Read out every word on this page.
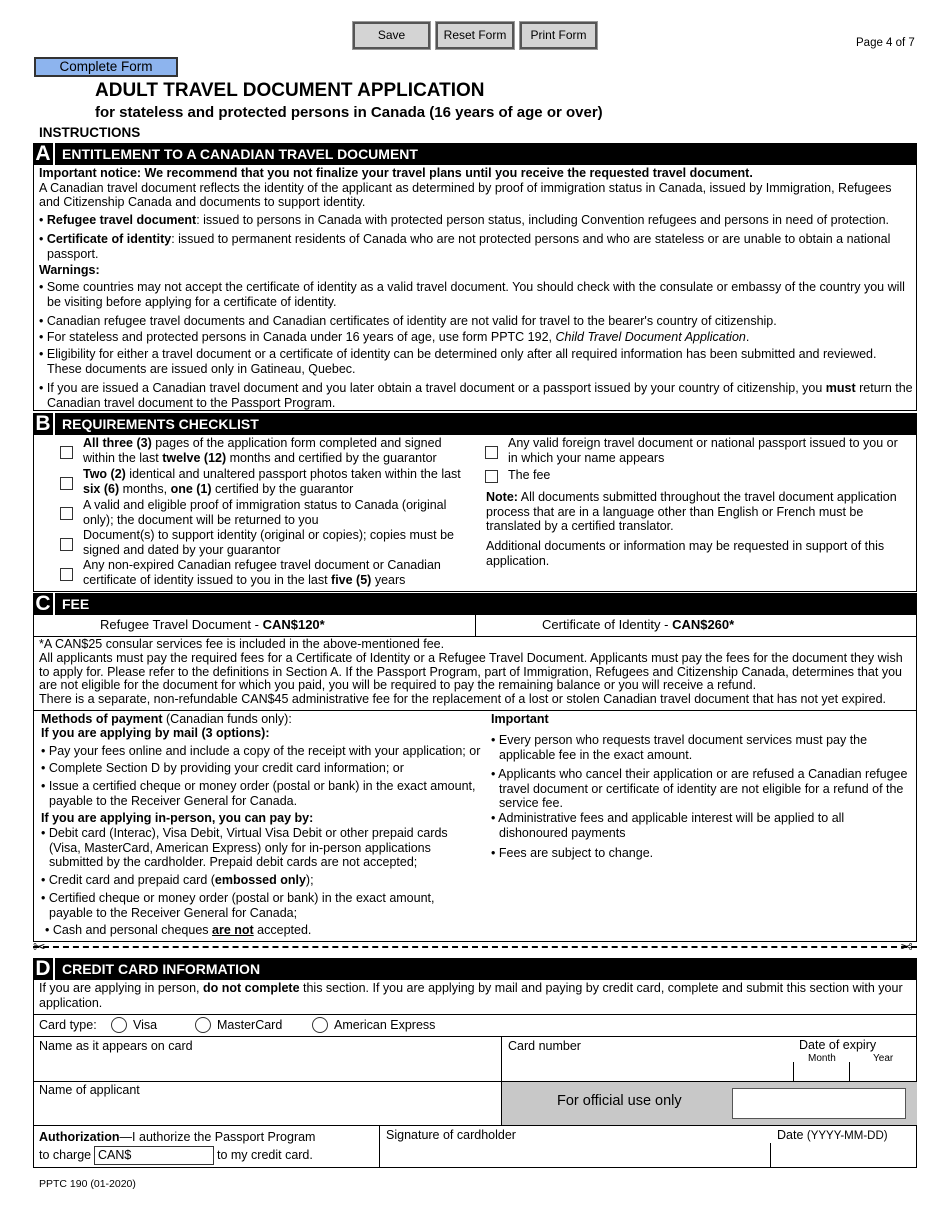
Save	Reset Form	Print Form
Page 4 of 7
Complete Form
ADULT TRAVEL DOCUMENT APPLICATION
for stateless and protected persons in Canada (16 years of age or over)
INSTRUCTIONS
A ENTITLEMENT TO A CANADIAN TRAVEL DOCUMENT
Important notice: We recommend that you not finalize your travel plans until you receive the requested travel document.
A Canadian travel document reflects the identity of the applicant as determined by proof of immigration status in Canada, issued by Immigration, Refugees and Citizenship Canada and documents to support identity.
• Refugee travel document: issued to persons in Canada with protected person status, including Convention refugees and persons in need of protection.
• Certificate of identity: issued to permanent residents of Canada who are not protected persons and who are stateless or are unable to obtain a national passport.
Warnings:
• Some countries may not accept the certificate of identity as a valid travel document. You should check with the consulate or embassy of the country you will be visiting before applying for a certificate of identity.
• Canadian refugee travel documents and Canadian certificates of identity are not valid for travel to the bearer's country of citizenship.
• For stateless and protected persons in Canada under 16 years of age, use form PPTC 192, Child Travel Document Application.
• Eligibility for either a travel document or a certificate of identity can be determined only after all required information has been submitted and reviewed. These documents are issued only in Gatineau, Quebec.
• If you are issued a Canadian travel document and you later obtain a travel document or a passport issued by your country of citizenship, you must return the Canadian travel document to the Passport Program.
B REQUIREMENTS CHECKLIST
All three (3) pages of the application form completed and signed within the last twelve (12) months and certified by the guarantor
Two (2) identical and unaltered passport photos taken within the last six (6) months, one (1) certified by the guarantor
A valid and eligible proof of immigration status to Canada (original only); the document will be returned to you
Document(s) to support identity (original or copies); copies must be signed and dated by your guarantor
Any non-expired Canadian refugee travel document or Canadian certificate of identity issued to you in the last five (5) years
Any valid foreign travel document or national passport issued to you or in which your name appears
The fee
Note: All documents submitted throughout the travel document application process that are in a language other than English or French must be translated by a certified translator.
Additional documents or information may be requested in support of this application.
C FEE
Refugee Travel Document - CAN$120*	Certificate of Identity - CAN$260*
*A CAN$25 consular services fee is included in the above-mentioned fee.
All applicants must pay the required fees for a Certificate of Identity or a Refugee Travel Document. Applicants must pay the fees for the document they wish to apply for. Please refer to the definitions in Section A. If the Passport Program, part of Immigration, Refugees and Citizenship Canada, determines that you are not eligible for the document for which you paid, you will be required to pay the remaining balance or you will receive a refund.
There is a separate, non-refundable CAN$45 administrative fee for the replacement of a lost or stolen Canadian travel document that has not yet expired.
Methods of payment (Canadian funds only):
If you are applying by mail (3 options):
• Pay your fees online and include a copy of the receipt with your application; or
• Complete Section D by providing your credit card information; or
• Issue a certified cheque or money order (postal or bank) in the exact amount, payable to the Receiver General for Canada.
If you are applying in-person, you can pay by:
• Debit card (Interac), Visa Debit, Virtual Visa Debit or other prepaid cards (Visa, MasterCard, American Express) only for in-person applications submitted by the cardholder. Prepaid debit cards are not accepted;
• Credit card and prepaid card (embossed only);
• Certified cheque or money order (postal or bank) in the exact amount, payable to the Receiver General for Canada;
• Cash and personal cheques are not accepted.
Important
• Every person who requests travel document services must pay the applicable fee in the exact amount.
• Applicants who cancel their application or are refused a Canadian refugee travel document or certificate of identity are not eligible for a refund of the service fee.
• Administrative fees and applicable interest will be applied to all dishonoured payments
• Fees are subject to change.
✂	✂
D CREDIT CARD INFORMATION
If you are applying in person, do not complete this section. If you are applying by mail and paying by credit card, complete and submit this section with your application.
Card type:	Visa	MasterCard	American Express
Name as it appears on card	Card number	Date of expiry
Month	Year
Name of applicant
For official use only
Authorization—I authorize the Passport Program
to charge CAN$	to my credit card.
Signature of cardholder	Date (YYYY-MM-DD)
PPTC 190 (01-2020)
